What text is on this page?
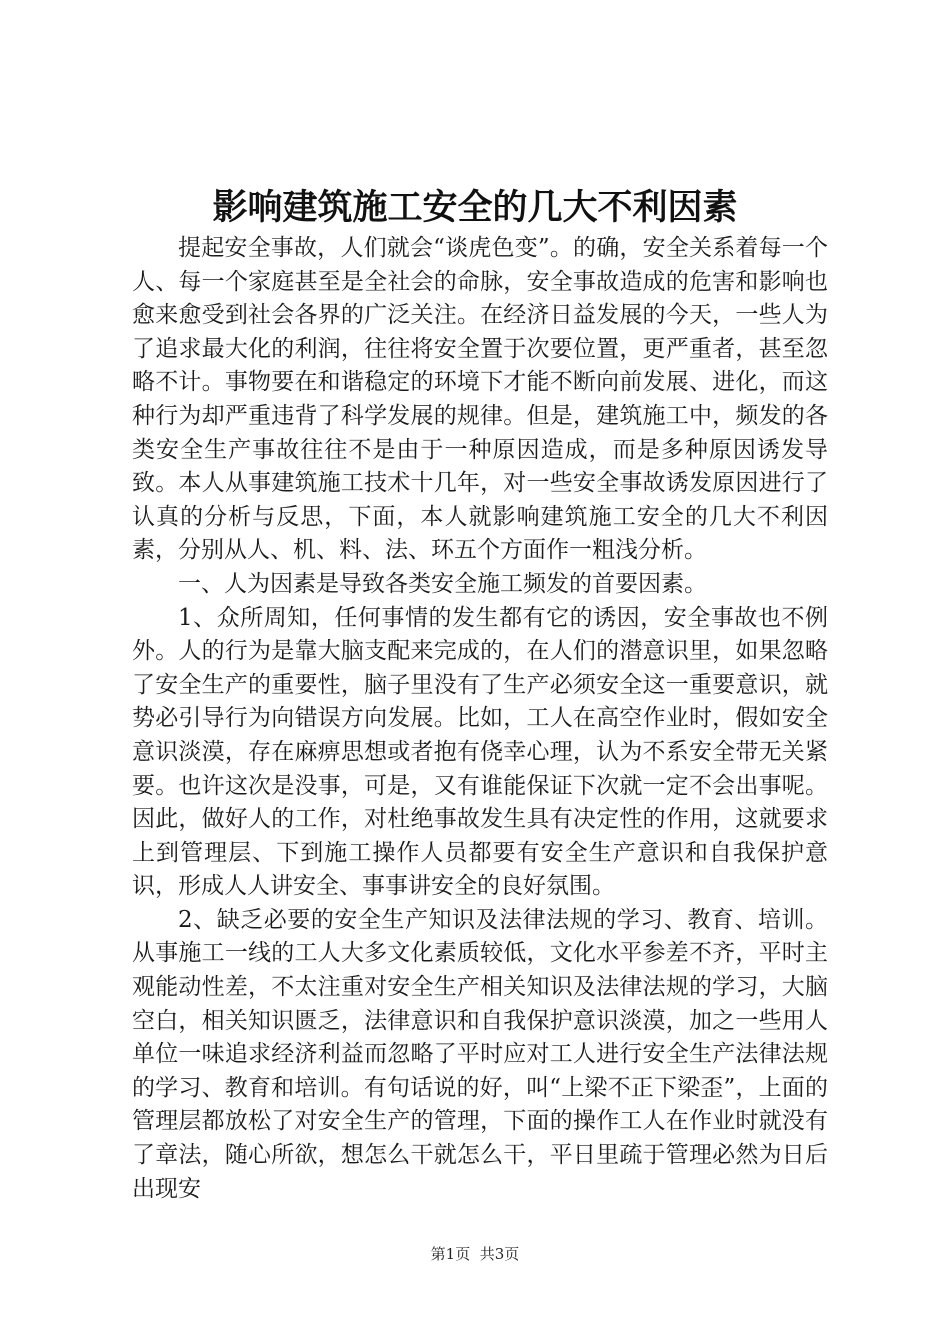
影响建筑施工安全的几大不利因素

提起安全事故，人们就会“谈虎色变”。的确，安全关系着每一个人、每一个家庭甚至是全社会的命脉，安全事故造成的危害和影响也愈来愈受到社会各界的广泛关注。在经济日益发展的今天，一些人为了追求最大化的利润，往往将安全置于次要位置，更严重者，甚至忽略不计。事物要在和谐稳定的环境下才能不断向前发展、进化，而这种行为却严重违背了科学发展的规律。但是，建筑施工中，频发的各类安全生产事故往往不是由于一种原因造成，而是多种原因诱发导致。本人从事建筑施工技术十几年，对一些安全事故诱发原因进行了认真的分析与反思，下面，本人就影响建筑施工安全的几大不利因素，分别从人、机、料、法、环五个方面作一粗浅分析。

一、人为因素是导致各类安全施工频发的首要因素。

1、众所周知，任何事情的发生都有它的诱因，安全事故也不例外。人的行为是靠大脑支配来完成的，在人们的潜意识里，如果忽略了安全生产的重要性，脑子里没有了生产必须安全这一重要意识，就势必引导行为向错误方向发展。比如，工人在高空作业时，假如安全意识淡漠，存在麻痹思想或者抱有侥幸心理，认为不系安全带无关紧要。也许这次是没事，可是，又有谁能保证下次就一定不会出事呢。因此，做好人的工作，对杜绝事故发生具有决定性的作用，这就要求上到管理层、下到施工操作人员都要有安全生产意识和自我保护意识，形成人人讲安全、事事讲安全的良好氛围。

2、缺乏必要的安全生产知识及法律法规的学习、教育、培训。从事施工一线的工人大多文化素质较低，文化水平参差不齐，平时主观能动性差，不太注重对安全生产相关知识及法律法规的学习，大脑空白，相关知识匮乏，法律意识和自我保护意识淡漠，加之一些用人单位一味追求经济利益而忽略了平时应对工人进行安全生产法律法规的学习、教育和培训。有句话说的好，叫“上梁不正下梁歪”，上面的管理层都放松了对安全生产的管理，下面的操作工人在作业时就没有了章法，随心所欲，想怎么干就怎么干，平日里疏于管理必然为日后出现安

第1页 共3页
